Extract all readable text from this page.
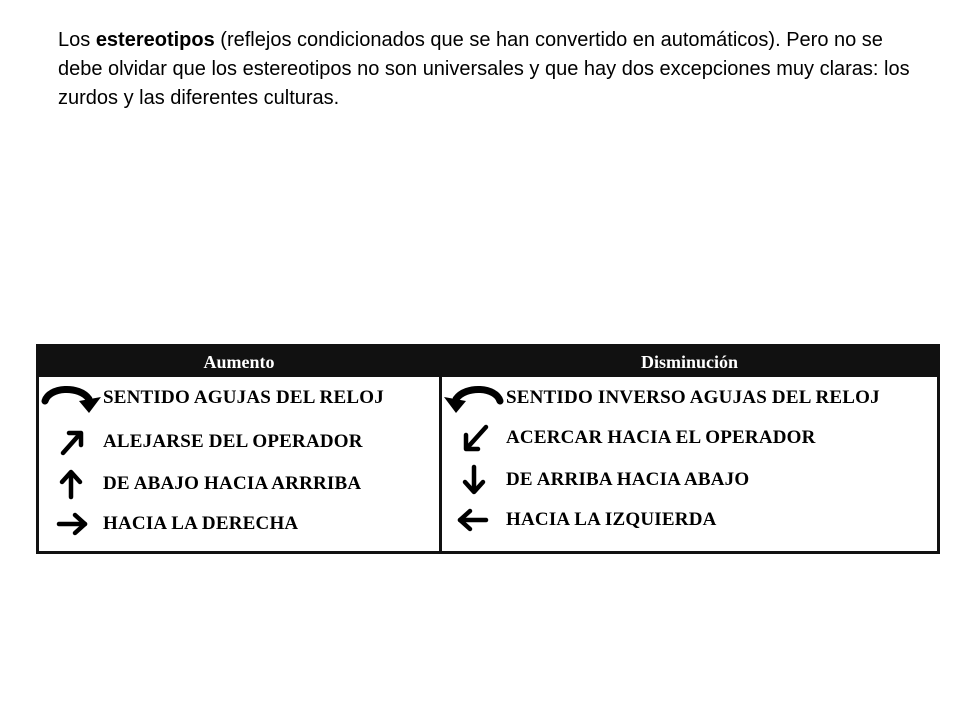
Los estereotipos (reflejos condicionados que se han convertido en automáticos). Pero no se debe olvidar que los estereotipos no son universales y que hay dos excepciones muy claras: los zurdos y las diferentes culturas.

Aumento
SENTIDO AGUJAS DEL RELOJ
ALEJARSE DEL OPERADOR
DE ABAJO HACIA ARRRIBA
HACIA LA DERECHA
Disminución
SENTIDO INVERSO AGUJAS DEL RELOJ
ACERCAR HACIA EL OPERADOR
DE ARRIBA HACIA ABAJO
HACIA LA IZQUIERDA
